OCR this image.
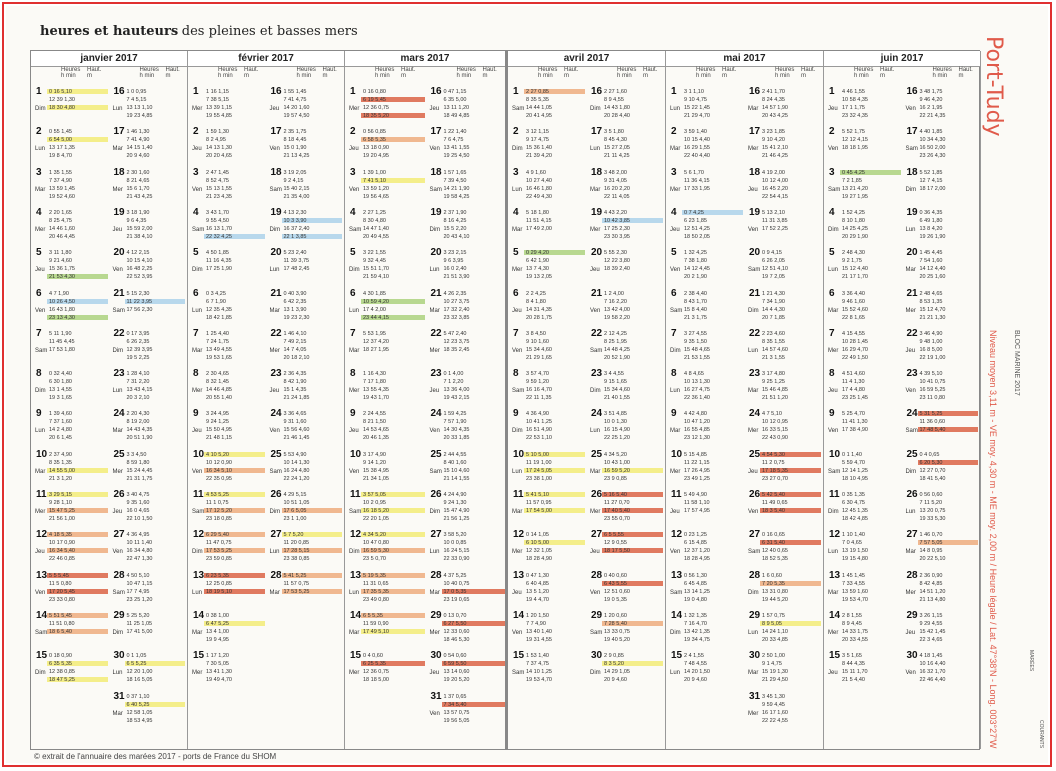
heures et hauteurs des pleines et basses mers
janvier 2017
Heures
h min
Haut.
m
Heures
h min
Haut.
m
1
Dim
0 16 5,10
12 39 1,30
18 30 4,80
2
Lun
0 55 1,45
6 54 5,00
13 17 1,35
19 8 4,70
3
Mar
1 35 1,55
7 37 4,90
13 59 1,45
19 52 4,60
4
Mer
2 20 1,65
8 25 4,75
14 46 1,60
20 46 4,45
5
Jeu
3 11 1,80
9 21 4,60
15 36 1,75
21 53 4,30
6
Ven
4 7 1,90
10 26 4,50
16 43 1,80
23 13 4,30
7
Sam
5 11 1,90
11 45 4,45
17 53 1,80
8
Dim
0 32 4,40
6 30 1,80
13 1 4,55
19 3 1,65
9
Lun
1 39 4,60
7 37 1,60
14 2 4,80
20 6 1,45
10
Mar
2 37 4,90
8 35 1,35
14 55 5,00
21 3 1,20
11
Mer
3 29 5,15
9 28 1,10
15 47 5,25
21 56 1,00
12
Jeu
4 18 5,35
10 17 0,90
16 34 5,40
22 46 0,85
13
Ven
5 5 5,45
11 5 0,80
17 20 5,45
23 33 0,80
14
Sam
5 51 5,45
11 51 0,80
18 6 5,40
15
Dim
0 18 0,90
6 35 5,35
12 38 0,85
18 47 5,25
16
Lun
1 0 0,95
7 4 5,15
13 13 1,10
19 23 4,85
17
Mar
1 46 1,30
7 41 4,90
14 15 1,40
20 9 4,60
18
Mer
2 30 1,60
8 21 4,65
15 6 1,70
21 43 4,25
19
Jeu
3 18 1,90
9 6 4,35
15 59 2,00
21 38 4,10
20
Ven
4 12 2,15
10 15 4,10
16 48 2,25
22 52 3,95
21
Sam
5 15 2,30
11 22 3,95
17 56 2,30
22
Dim
0 17 3,95
6 26 2,35
12 39 3,95
19 5 2,25
23
Lun
1 28 4,10
7 31 2,20
13 43 4,15
20 3 2,10
24
Mar
2 20 4,30
8 19 2,00
14 43 4,35
20 51 1,90
25
Mer
3 3 4,50
8 59 1,80
15 24 4,45
21 31 1,75
26
Jeu
3 40 4,75
9 35 1,60
16 0 4,65
22 10 1,50
27
Ven
4 36 4,95
10 11 1,40
16 34 4,80
22 47 1,30
28
Sam
4 50 5,10
10 47 1,15
17 7 4,95
23 25 1,20
29
Dim
5 25 5,20
11 25 1,05
17 41 5,00
30
Lun
0 1 1,05
6 5 5,25
12 20 1,00
18 16 5,05
31
Mar
0 37 1,10
6 40 5,25
12 58 1,05
18 53 4,95
février 2017
Heures
h min
Haut.
m
Heures
h min
Haut.
m
1
Mer
1 16 1,15
7 38 5,15
13 39 1,15
19 55 4,85
2
Jeu
1 59 1,30
8 2 4,95
14 13 1,30
20 20 4,65
3
Ven
2 47 1,45
8 52 4,75
15 13 1,55
21 23 4,35
4
Sam
3 43 1,70
9 55 4,50
16 13 1,70
22 32 4,25
5
Dim
4 50 1,85
11 16 4,35
17 25 1,90
6
Lun
0 3 4,25
6 7 1,90
12 35 4,35
18 42 1,85
7
Mar
1 25 4,40
7 24 1,75
13 49 4,55
19 53 1,65
8
Mer
2 30 4,65
8 32 1,45
14 46 4,85
20 55 1,40
9
Jeu
3 24 4,95
9 24 1,25
15 50 4,95
21 48 1,15
10
Ven
4 10 5,20
10 12 0,90
16 34 5,10
22 35 0,95
11
Sam
4 53 5,25
11 1 0,75
17 12 5,20
23 18 0,85
12
Dim
6 29 5,40
11 47 0,75
17 53 5,25
23 59 0,85
13
Lun
6 23 5,35
12 25 0,85
18 19 5,10
14
Mar
0 38 1,00
6 47 5,25
13 4 1,00
19 9 4,95
15
Mer
1 17 1,20
7 30 5,05
13 41 1,30
19 49 4,70
16
Jeu
1 55 1,45
7 41 4,75
14 20 1,60
19 57 4,50
17
Ven
2 35 1,75
8 18 4,45
15 0 1,90
21 13 4,25
18
Sam
3 19 2,05
9 2 4,15
15 40 2,15
21 35 4,00
19
Dim
4 13 2,30
10 3 3,90
16 37 2,40
22 1 3,85
20
Lun
5 23 2,40
11 39 3,75
17 48 2,45
21
Mar
0 40 3,90
6 42 2,35
13 1 3,90
19 23 2,30
22
Mer
1 46 4,10
7 49 2,15
14 7 4,05
20 18 2,10
23
Jeu
2 36 4,35
8 42 1,90
15 1 4,35
21 24 1,85
24
Ven
3 36 4,65
9 31 1,60
15 56 4,60
21 46 1,45
25
Sam
5 53 4,90
10 14 1,30
16 24 4,80
22 24 1,20
26
Dim
4 29 5,15
10 51 1,05
17 6 5,05
23 1 1,00
27
Lun
5 7 5,20
11 20 0,85
17 28 5,15
23 38 0,85
28
Mar
5 41 5,25
11 57 0,75
17 53 5,25
mars 2017
Heures
h min
Haut.
m
Heures
h min
Haut.
m
1
Mer
0 16 0,80
6 19 5,45
12 36 0,75
18 35 5,20
2
Jeu
0 56 0,85
6 58 5,35
13 18 0,90
19 20 4,95
3
Ven
1 39 1,00
7 41 5,10
13 59 1,20
19 56 4,65
4
Sam
2 27 1,25
8 30 4,80
14 47 1,40
20 49 4,55
5
Dim
3 22 1,55
9 32 4,45
15 51 1,70
21 59 4,10
6
Lun
4 30 1,85
10 59 4,20
17 4 2,00
23 44 4,15
7
Mar
5 53 1,95
12 37 4,20
18 27 1,95
8
Mer
1 16 4,30
7 17 1,80
13 55 4,35
19 43 1,70
9
Jeu
2 24 4,55
8 21 1,50
14 53 4,65
20 46 1,35
10
Ven
3 17 4,90
9 14 1,20
15 38 4,95
21 34 1,05
11
Sam
3 57 5,05
10 2 0,95
16 18 5,20
22 20 1,05
12
Dim
4 34 5,20
10 47 0,80
16 59 5,30
23 5 0,70
13
Lun
5 19 5,35
11 31 0,65
17 35 5,35
23 49 0,80
14
Mar
6 5 5,35
11 59 0,90
17 49 5,10
15
Mer
0 4 0,60
6 25 5,35
12 36 0,75
18 18 5,00
16
Jeu
0 47 1,15
6 35 5,00
13 11 1,20
18 49 4,85
17
Ven
1 22 1,40
7 6 4,75
13 41 1,55
19 25 4,50
18
Sam
1 57 1,65
7 39 4,50
14 21 1,90
19 58 4,25
19
Dim
2 37 1,90
8 16 4,25
15 5 2,20
20 43 4,10
20
Lun
3 23 2,15
9 6 3,95
16 0 2,40
21 51 3,90
21
Mar
4 26 2,35
10 27 3,75
17 32 2,40
23 32 3,85
22
Mer
5 47 2,40
12 23 3,75
18 35 2,45
23
Jeu
0 1 4,00
7 1 2,20
13 36 4,00
19 43 2,15
24
Ven
1 59 4,25
7 57 1,90
14 30 4,35
20 33 1,85
25
Sam
2 44 4,55
8 40 1,60
15 10 4,60
21 14 1,55
26
Dim
4 24 4,90
9 24 1,30
15 47 4,90
21 56 1,25
27
Lun
3 58 5,20
10 0 0,85
16 24 5,15
22 33 0,90
28
Mar
4 37 5,25
10 40 0,75
17 0 5,35
23 19 0,65
29
Mer
0 13 0,70
6 27 5,50
12 33 0,60
18 46 5,30
30
Jeu
0 54 0,60
6 59 5,50
13 14 0,60
19 20 5,20
31
Ven
1 37 0,65
7 34 5,40
13 57 0,75
19 56 5,05
avril 2017
Heures
h min
Haut.
m
Heures
h min
Haut.
m
1
Sam
2 27 0,85
8 35 5,35
14 44 1,05
20 41 4,95
2
Dim
3 12 1,15
9 17 4,75
15 36 1,40
21 39 4,20
3
Lun
4 9 1,60
10 27 4,40
16 46 1,80
22 49 4,30
4
Mar
5 18 1,80
11 51 4,15
17 49 2,00
5
Mer
0 29 4,20
6 42 1,90
13 7 4,30
19 13 2,05
6
Jeu
2 2 4,25
8 4 1,80
14 31 4,35
20 28 1,75
7
Ven
3 8 4,50
9 10 1,60
15 34 4,60
21 29 1,65
8
Sam
3 57 4,70
9 59 1,20
16 16 4,70
22 11 1,35
9
Dim
4 36 4,90
10 41 1,25
16 51 4,90
22 53 1,10
10
Lun
5 10 5,00
11 19 1,00
17 24 5,05
23 38 1,00
11
Mar
5 41 5,10
11 57 0,95
17 54 5,00
12
Mer
0 14 1,05
6 10 5,00
12 32 1,05
18 28 4,90
13
Jeu
0 47 1,30
6 40 4,85
13 5 1,20
19 4 4,70
14
Ven
1 20 1,50
7 7 4,90
13 40 1,40
19 31 4,55
15
Sam
1 53 1,40
7 37 4,75
14 10 1,25
19 53 4,70
16
Dim
2 27 1,60
8 9 4,55
14 43 1,80
20 28 4,40
17
Lun
3 5 1,80
8 45 4,30
15 27 2,05
21 11 4,25
18
Mar
3 48 2,00
9 31 4,05
16 20 2,20
22 11 4,05
19
Mer
4 43 2,20
10 42 3,85
17 25 2,30
23 30 3,95
20
Jeu
5 55 2,30
12 22 3,80
18 39 2,40
21
Ven
1 2 4,00
7 16 2,20
13 42 4,00
19 58 2,20
22
Sam
2 12 4,25
8 25 1,95
14 48 4,25
20 52 1,90
23
Dim
3 4 4,55
9 15 1,65
15 34 4,60
21 40 1,55
24
Lun
3 51 4,85
10 0 1,30
16 15 4,90
22 25 1,20
25
Mar
4 34 5,20
10 43 1,00
16 59 5,20
23 9 0,85
26
Mer
5 16 5,40
11 27 0,70
17 40 5,40
23 55 0,70
27
Jeu
6 5 5,55
12 9 0,55
18 17 5,50
28
Ven
0 40 0,60
6 43 5,55
12 51 0,60
19 0 5,35
29
Sam
1 20 0,60
7 28 5,40
13 33 0,75
19 40 5,20
30
Dim
2 9 0,85
8 3 5,20
14 29 1,05
20 9 4,60
mai 2017
Heures
h min
Haut.
m
Heures
h min
Haut.
m
1
Lun
3 1 1,10
9 10 4,75
15 22 1,45
21 29 4,70
2
Mar
3 59 1,40
10 15 4,40
16 29 1,55
22 40 4,40
3
Mer
5 6 1,70
11 36 4,15
17 33 1,95
4
Jeu
0 7 4,25
6 23 1,85
12 51 4,25
18 50 2,05
5
Ven
1 32 4,25
7 38 1,80
14 12 4,45
20 2 1,90
6
Sam
2 38 4,40
8 43 1,70
15 8 4,40
21 3 1,75
7
Dim
3 27 4,55
9 35 1,50
15 48 4,65
21 53 1,55
8
Lun
4 8 4,65
10 13 1,30
16 27 4,75
22 36 1,40
9
Mar
4 42 4,80
10 47 1,20
16 55 4,85
23 12 1,30
10
Mer
5 15 4,85
11 22 1,15
17 26 4,95
23 49 1,25
11
Jeu
5 49 4,90
11 58 1,10
17 57 4,95
12
Ven
0 23 1,25
6 15 4,85
12 37 1,20
18 28 4,95
13
Sam
0 56 1,30
6 45 4,85
13 14 1,25
19 0 4,80
14
Dim
1 32 1,35
7 16 4,70
13 42 1,35
19 34 4,75
15
Lun
2 4 1,55
7 48 4,55
14 20 1,50
20 9 4,60
16
Mar
2 41 1,70
8 24 4,35
14 57 1,90
20 43 4,25
17
Mer
3 23 1,85
9 10 4,20
15 41 2,10
21 46 4,25
18
Jeu
4 19 2,00
10 12 4,00
16 45 2,20
22 54 4,15
19
Ven
5 13 2,10
11 31 3,85
17 52 2,25
20
Sam
0 9 4,15
6 26 2,05
12 51 4,10
19 7 2,05
21
Dim
1 21 4,30
7 34 1,90
14 4 4,30
20 7 1,85
22
Lun
2 23 4,60
8 35 1,55
14 57 4,60
21 3 1,55
23
Mar
3 17 4,80
9 25 1,25
15 46 4,85
21 51 1,20
24
Mer
4 7 5,10
10 12 0,95
16 33 5,15
22 43 0,90
25
Jeu
4 54 5,30
11 2 0,75
17 18 5,35
23 27 0,70
26
Ven
5 42 5,40
11 49 0,65
18 3 5,40
27
Sam
0 16 0,65
6 31 5,40
12 40 0,65
18 52 5,35
28
Dim
1 6 0,60
7 20 5,35
13 31 0,80
19 44 5,20
29
Lun
1 57 0,75
8 9 5,05
14 24 1,10
20 33 4,85
30
Mar
2 50 1,00
9 1 4,75
15 19 1,30
21 29 4,50
31
Mer
3 45 1,30
9 59 4,45
16 17 1,60
22 22 4,55
juin 2017
Heures
h min
Haut.
m
Heures
h min
Haut.
m
1
Jeu
4 46 1,55
10 58 4,35
17 1 1,75
23 32 4,35
2
Ven
5 52 1,75
12 12 4,15
18 18 1,95
3
Sam
0 45 4,25
7 2 1,85
13 21 4,20
19 27 1,95
4
Dim
1 52 4,25
8 10 1,80
14 25 4,25
20 29 1,90
5
Lun
2 48 4,30
9 2 1,75
15 12 4,40
21 17 1,70
6
Mar
3 36 4,40
9 46 1,60
15 52 4,60
22 8 1,65
7
Mer
4 15 4,55
10 28 1,45
16 29 4,70
22 49 1,50
8
Jeu
4 51 4,60
11 4 1,30
17 4 4,80
23 25 1,45
9
Ven
5 25 4,70
11 41 1,30
17 38 4,90
10
Sam
0 1 1,40
5 59 4,70
12 14 1,25
18 10 4,95
11
Dim
0 35 1,35
6 30 4,75
12 45 1,35
18 42 4,85
12
Lun
1 10 1,40
7 0 4,65
13 19 1,50
19 15 4,80
13
Mar
1 45 1,45
7 33 4,55
13 59 1,60
19 53 4,70
14
Mer
2 8 1,55
8 9 4,45
14 33 1,75
20 33 4,55
15
Jeu
3 5 1,65
8 44 4,35
15 11 1,70
21 5 4,40
16
Ven
3 48 1,75
9 46 4,20
16 2 1,95
22 21 4,35
17
Sam
4 40 1,85
10 34 4,30
16 50 2,00
23 26 4,30
18
Dim
5 52 1,85
12 7 4,15
18 17 2,00
19
Lun
0 36 4,35
6 49 1,80
13 8 4,20
19 26 1,90
20
Mar
1 45 4,45
7 54 1,60
14 12 4,40
20 25 1,60
21
Mer
2 48 4,65
8 53 1,35
15 12 4,70
21 21 1,30
22
Jeu
3 46 4,90
9 48 1,00
16 8 5,00
22 19 1,00
23
Ven
4 39 5,10
10 41 0,75
16 59 5,25
23 11 0,80
24
Sam
5 31 5,25
11 36 0,60
17 48 5,40
25
Dim
0 4 0,65
6 20 5,30
12 27 0,70
18 41 5,40
26
Lun
0 56 0,60
7 11 5,20
13 20 0,75
19 33 5,30
27
Mar
1 46 0,70
7 57 5,05
14 8 0,95
20 22 5,10
28
Mer
2 36 0,90
8 42 4,85
14 51 1,20
21 13 4,80
29
Jeu
3 26 1,15
9 29 4,55
15 42 1,45
22 3 4,65
30
Ven
4 18 1,45
10 16 4,40
16 32 1,70
22 46 4,40
Port-Tudy
BLOC MARINE 2017
Niveau moyen 3,11 m - VE moy. 4,30 m - ME moy. 2,00 m / Heure légale / Lat. 47°38'N - Long. 003°27'W	MARÉES
COURANTS
© extrait de l'annuaire des marées 2017 - ports de France du SHOM
